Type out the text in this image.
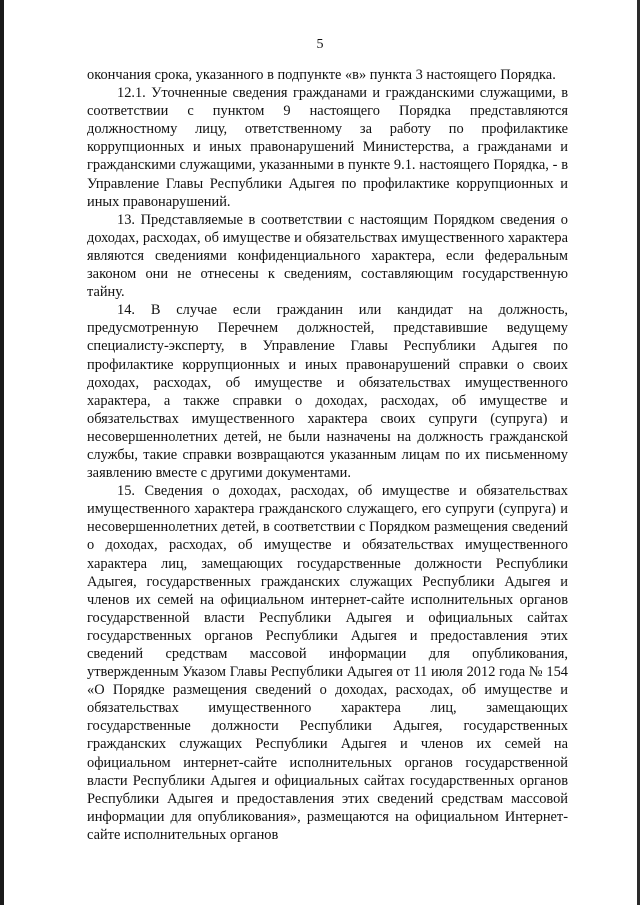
5

окончания срока, указанного в подпункте «в» пункта 3 настоящего Порядка.

12.1. Уточненные сведения гражданами и гражданскими служащими, в соответствии с пунктом 9 настоящего Порядка представляются должностному лицу, ответственному за работу по профилактике коррупционных и иных правонарушений Министерства, а гражданами и гражданскими служащими, указанными в пункте 9.1. настоящего Порядка, - в Управление Главы Республики Адыгея по профилактике коррупционных и иных правонарушений.

13. Представляемые в соответствии с настоящим Порядком сведения о доходах, расходах, об имуществе и обязательствах имущественного характера являются сведениями конфиденциального характера, если федеральным законом они не отнесены к сведениям, составляющим государственную тайну.

14. В случае если гражданин или кандидат на должность, предусмотренную Перечнем должностей, представившие ведущему специалисту-эксперту, в Управление Главы Республики Адыгея по профилактике коррупционных и иных правонарушений справки о своих доходах, расходах, об имуществе и обязательствах имущественного характера, а также справки о доходах, расходах, об имуществе и обязательствах имущественного характера своих супруги (супруга) и несовершеннолетних детей, не были назначены на должность гражданской службы, такие справки возвращаются указанным лицам по их письменному заявлению вместе с другими документами.

15. Сведения о доходах, расходах, об имуществе и обязательствах имущественного характера гражданского служащего, его супруги (супруга) и несовершеннолетних детей, в соответствии с Порядком размещения сведений о доходах, расходах, об имуществе и обязательствах имущественного характера лиц, замещающих государственные должности Республики Адыгея, государственных гражданских служащих Республики Адыгея и членов их семей на официальном интернет-сайте исполнительных органов государственной власти Республики Адыгея и официальных сайтах государственных органов Республики Адыгея и предоставления этих сведений средствам массовой информации для опубликования, утвержденным Указом Главы Республики Адыгея от 11 июля 2012 года № 154 «О Порядке размещения сведений о доходах, расходах, об имуществе и обязательствах имущественного характера лиц, замещающих государственные должности Республики Адыгея, государственных гражданских служащих Республики Адыгея и членов их семей на официальном интернет-сайте исполнительных органов государственной власти Республики Адыгея и официальных сайтах государственных органов Республики Адыгея и предоставления этих сведений средствам массовой информации для опубликования», размещаются на официальном Интернет-сайте исполнительных органов
